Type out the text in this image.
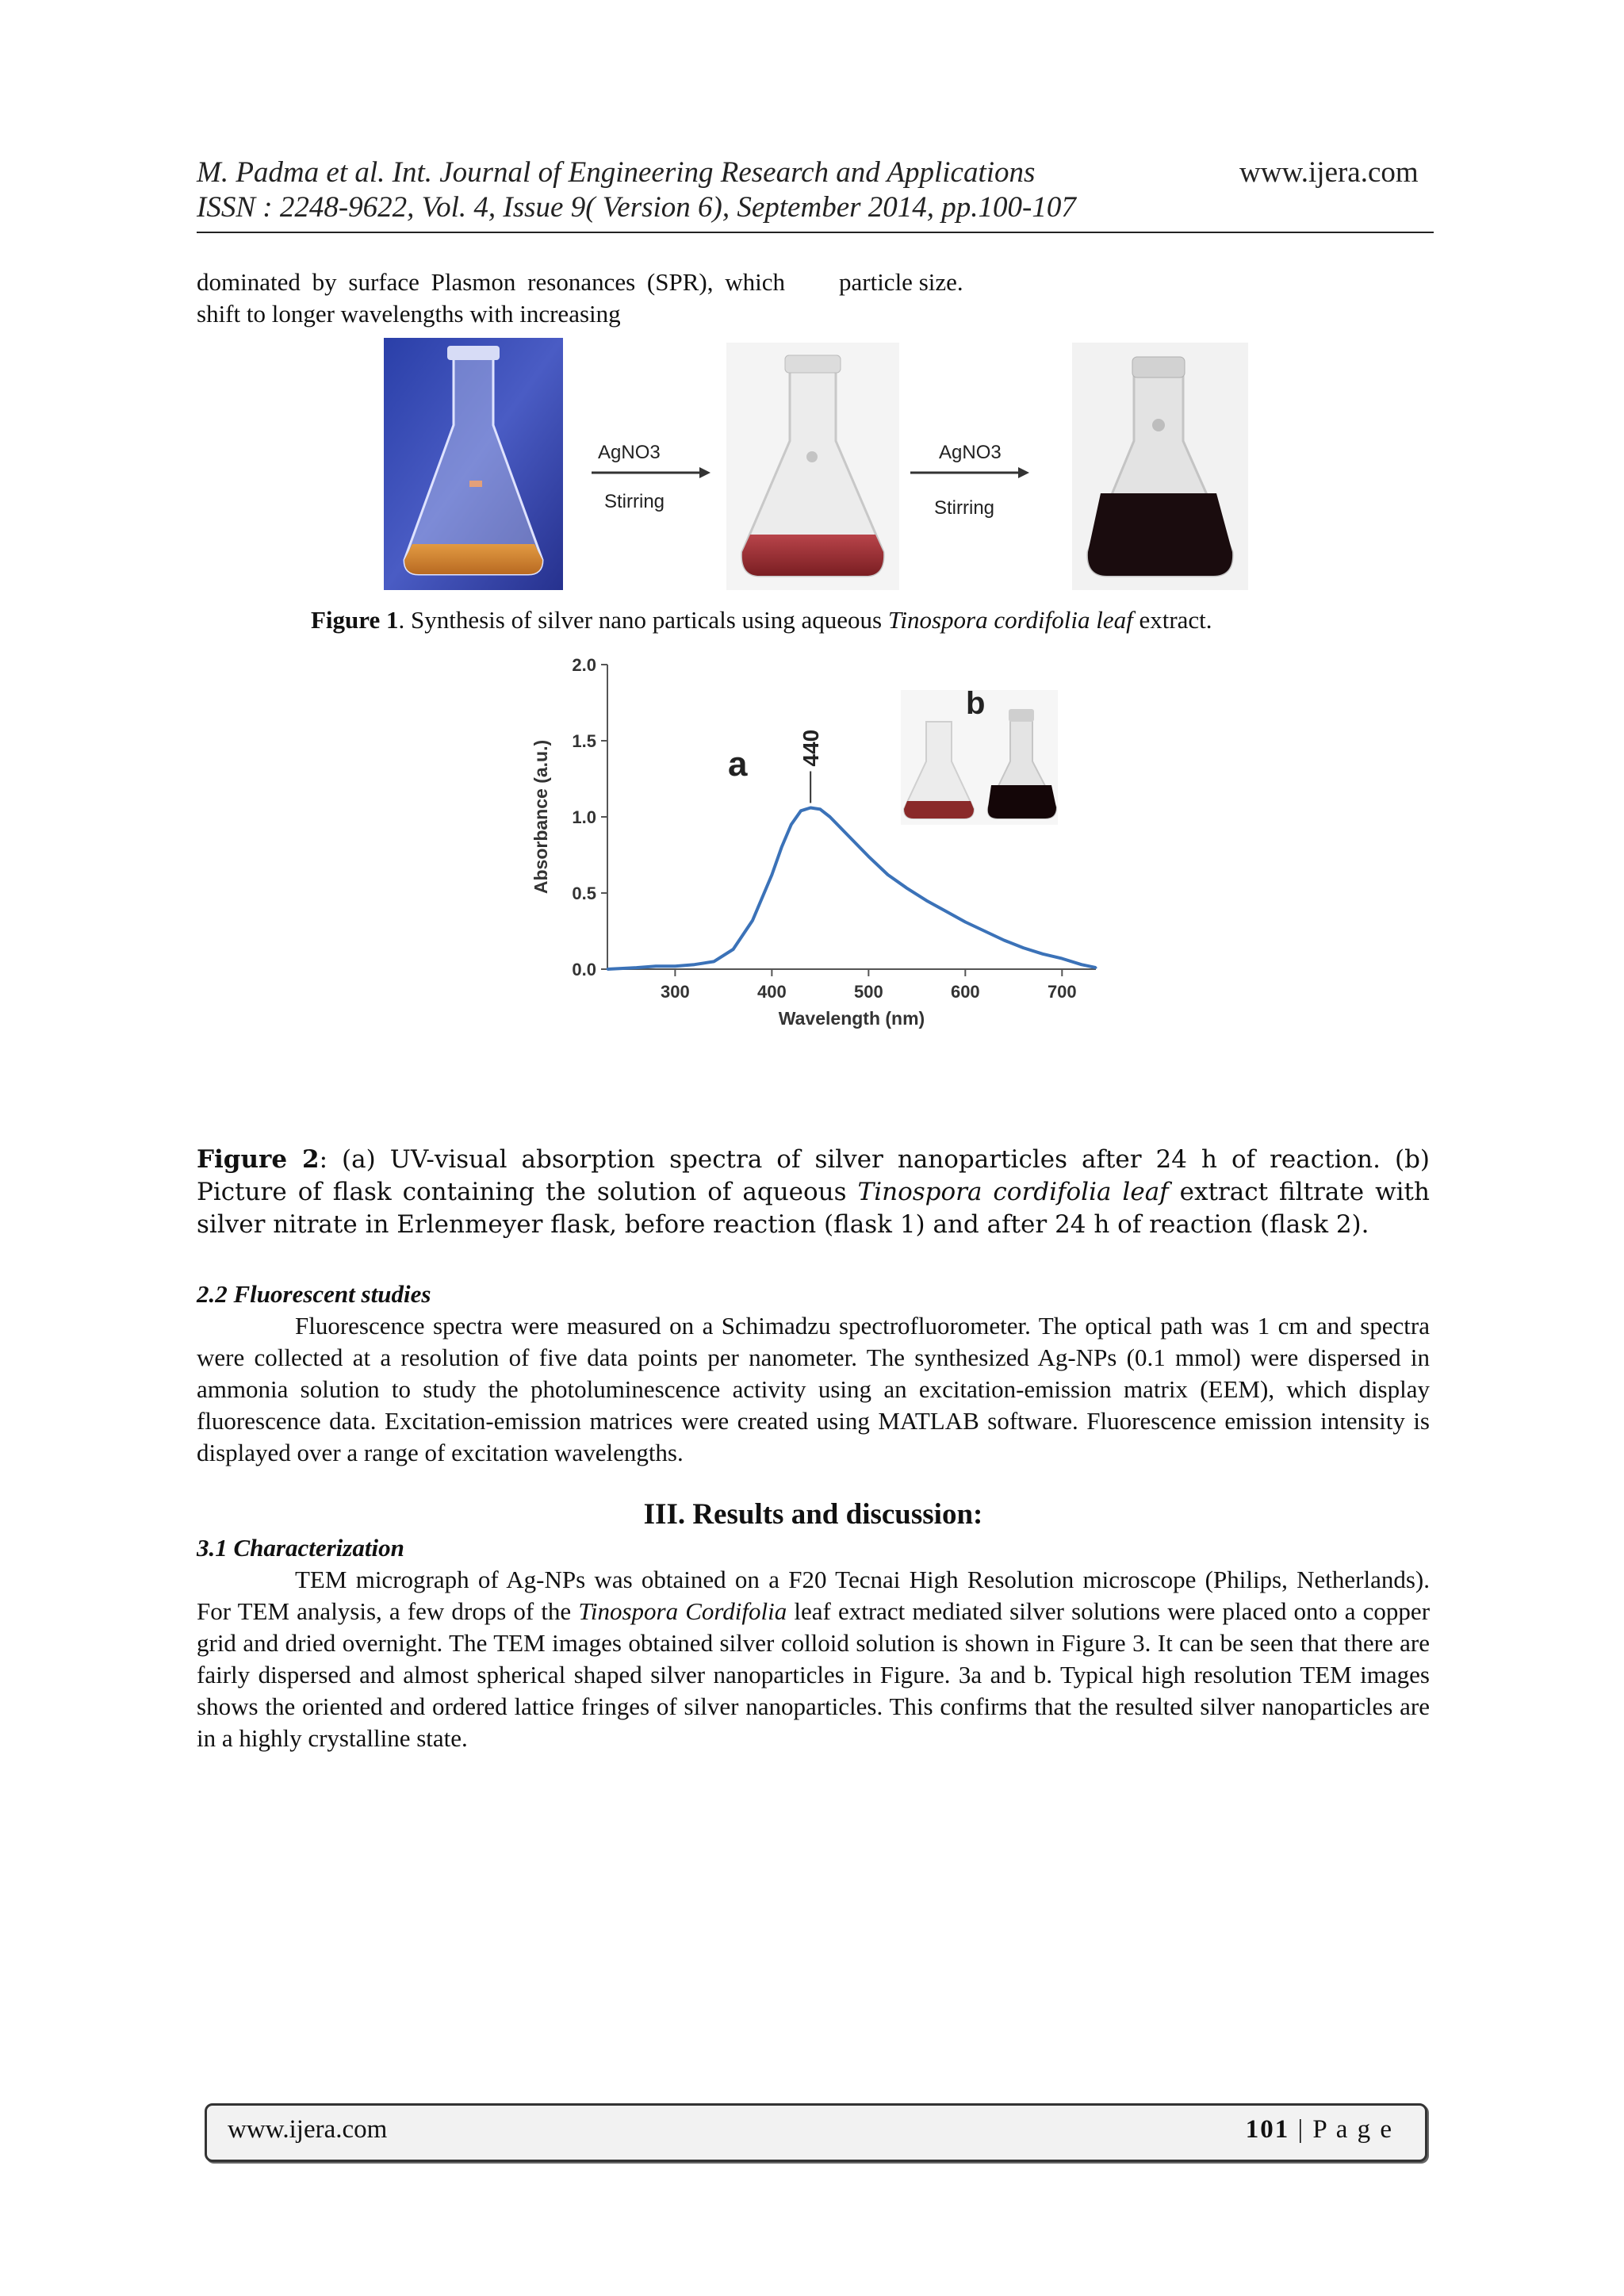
M. Padma et al. Int. Journal of Engineering Research and Applications	www.ijera.com
ISSN : 2248-9622, Vol. 4, Issue 9( Version 6), September 2014, pp.100-107
dominated by surface Plasmon resonances (SPR), which shift to longer wavelengths with increasing
particle size.
AgNO3
Stirring
AgNO3
Stirring
Figure 1. Synthesis of silver nano particals using aqueous Tinospora cordifolia leaf extract.
0.0
0.5
1.0
1.5
2.0
300	400	500	600	700
Wavelength (nm)
Absorbance (a.u.)	440
a
b
Figure 2: (a) UV-visual absorption spectra of silver nanoparticles after 24 h of reaction. (b) Picture of flask containing the solution of aqueous Tinospora cordifolia leaf extract filtrate with silver nitrate in Erlenmeyer flask, before reaction (flask 1) and after 24 h of reaction (flask 2).
2.2 Fluorescent studies

Fluorescence spectra were measured on a Schimadzu spectrofluorometer. The optical path was 1 cm and spectra were collected at a resolution of five data points per nanometer. The synthesized Ag-NPs (0.1 mmol) were dispersed in ammonia solution to study the photoluminescence activity using an excitation-emission matrix (EEM), which display fluorescence data. Excitation-emission matrices were created using MATLAB software. Fluorescence emission intensity is displayed over a range of excitation wavelengths.

III. Results and discussion:
3.1 Characterization

TEM micrograph of Ag-NPs was obtained on a F20 Tecnai High Resolution microscope (Philips, Netherlands). For TEM analysis, a few drops of the Tinospora Cordifolia leaf extract mediated silver solutions were placed onto a copper grid and dried overnight. The TEM images obtained silver colloid solution is shown in Figure 3. It can be seen that there are fairly dispersed and almost spherical shaped silver nanoparticles in Figure. 3a and b. Typical high resolution TEM images shows the oriented and ordered lattice fringes of silver nanoparticles. This confirms that the resulted silver nanoparticles are in a highly crystalline state.

www.ijera.com	101 | P a g e
